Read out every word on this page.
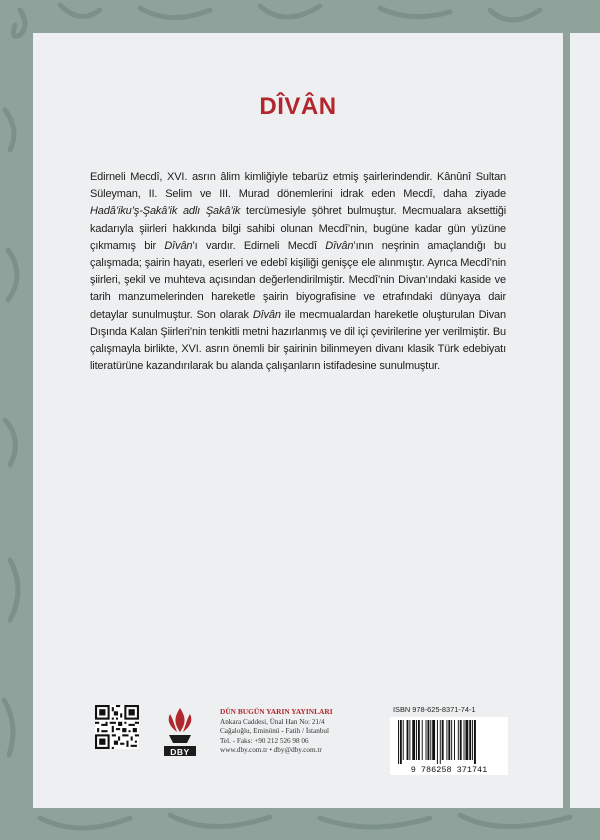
DÎVÂN
Edirneli Mecdî, XVI. asrın âlim kimliğiyle tebarüz etmiş şairlerindendir. Kânûnî Sultan Süleyman, II. Selim ve III. Murad dönemlerini idrak eden Mecdî, daha ziyade Hadâ’iku’ş-Şakâ’ik adlı Şakâ’ik tercümesiyle şöhret bulmuştur. Mecmualara aksettiği kadarıyla şiirleri hakkında bilgi sahibi olunan Mecdî’nin, bugüne kadar gün yüzüne çıkmamış bir Dîvân’ı vardır. Edirneli Mecdî Dîvân’ının neşrinin amaçlandığı bu çalışmada; şairin hayatı, eserleri ve edebî kişiliği genişçe ele alınmıştır. Ayrıca Mecdî’nin şiirleri, şekil ve muhteva açısından değerlendirilmiştir. Mecdî’nin Divan’ındaki kaside ve tarih manzumelerinden hareketle şairin biyografisine ve etrafındaki dünyaya dair detaylar sunulmuştur. Son olarak Dîvân ile mecmualardan hareketle oluşturulan Divan Dışında Kalan Şiirleri’nin tenkitli metni hazırlanmış ve dil içi çevirilerine yer verilmiştir. Bu çalışmayla birlikte, XVI. asrın önemli bir şairinin bilinmeyen divanı klasik Türk edebiyatı literatürüne kazandırılarak bu alanda çalışanların istifadesine sunulmuştur.
DBY
DÜN BUGÜN YARIN YAYINLARI
Ankara Caddesi, Ünal Han No: 21/4
Cağaloğlu, Eminönü - Fatih / İstanbul
Tel. - Faks: +90 212 526 98 06
www.dby.com.tr • dby@dby.com.tr
ISBN 978-625-8371-74-1
9 786258 371741
